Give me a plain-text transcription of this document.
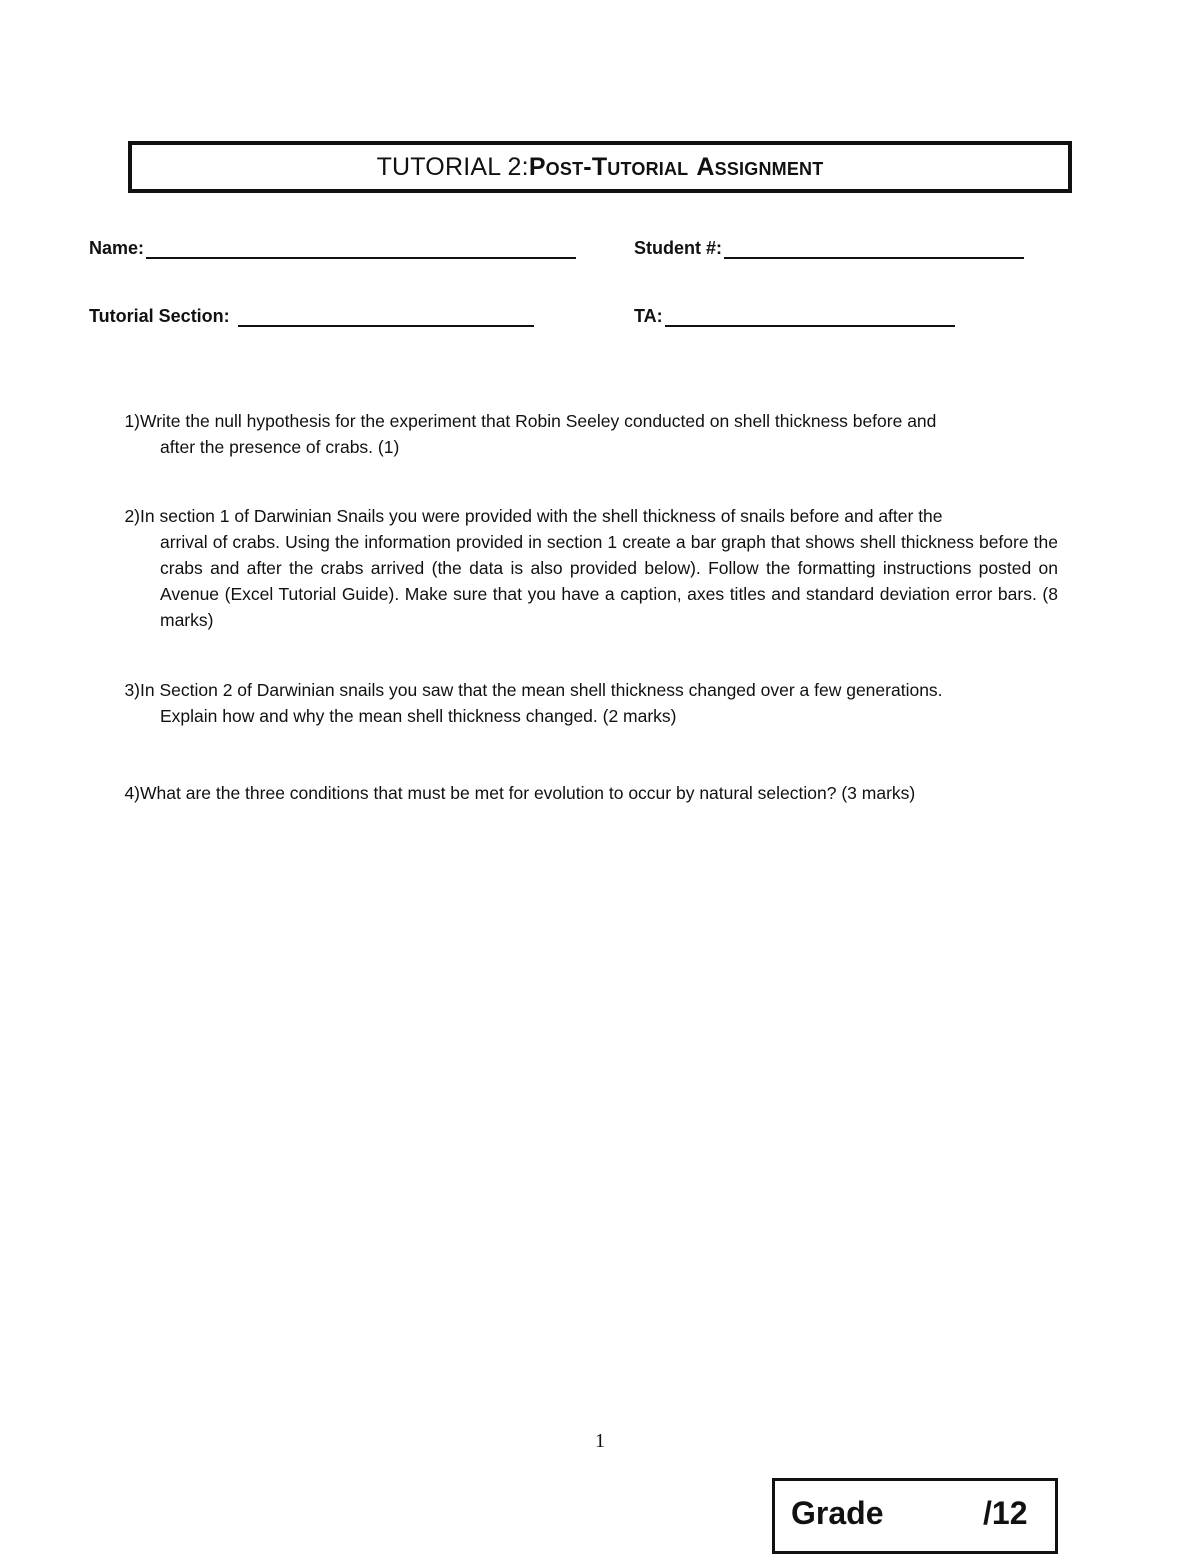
TUTORIAL 2: Post- Tutorial Assignment
Name:	Student #:
Tutorial Section:	TA:
1) Write the null hypothesis for the experiment that Robin Seeley conducted on shell thickness before and
after the presence of crabs. (1)
2) In section 1 of Darwinian Snails you were provided with the shell thickness of snails before and after the
arrival of crabs. Using the information provided in section 1 create a bar graph that shows shell thickness before the crabs and after the crabs arrived (the data is also provided below). Follow the formatting instructions posted on Avenue (Excel Tutorial Guide). Make sure that you have a caption, axes titles and standard deviation error bars. (8 marks)
3) In Section 2 of Darwinian snails you saw that the mean shell thickness changed over a few generations.
Explain how and why the mean shell thickness changed. (2 marks)
4) What are the three conditions that must be met for evolution to occur by natural selection? (3 marks)
1
Grade	/12
